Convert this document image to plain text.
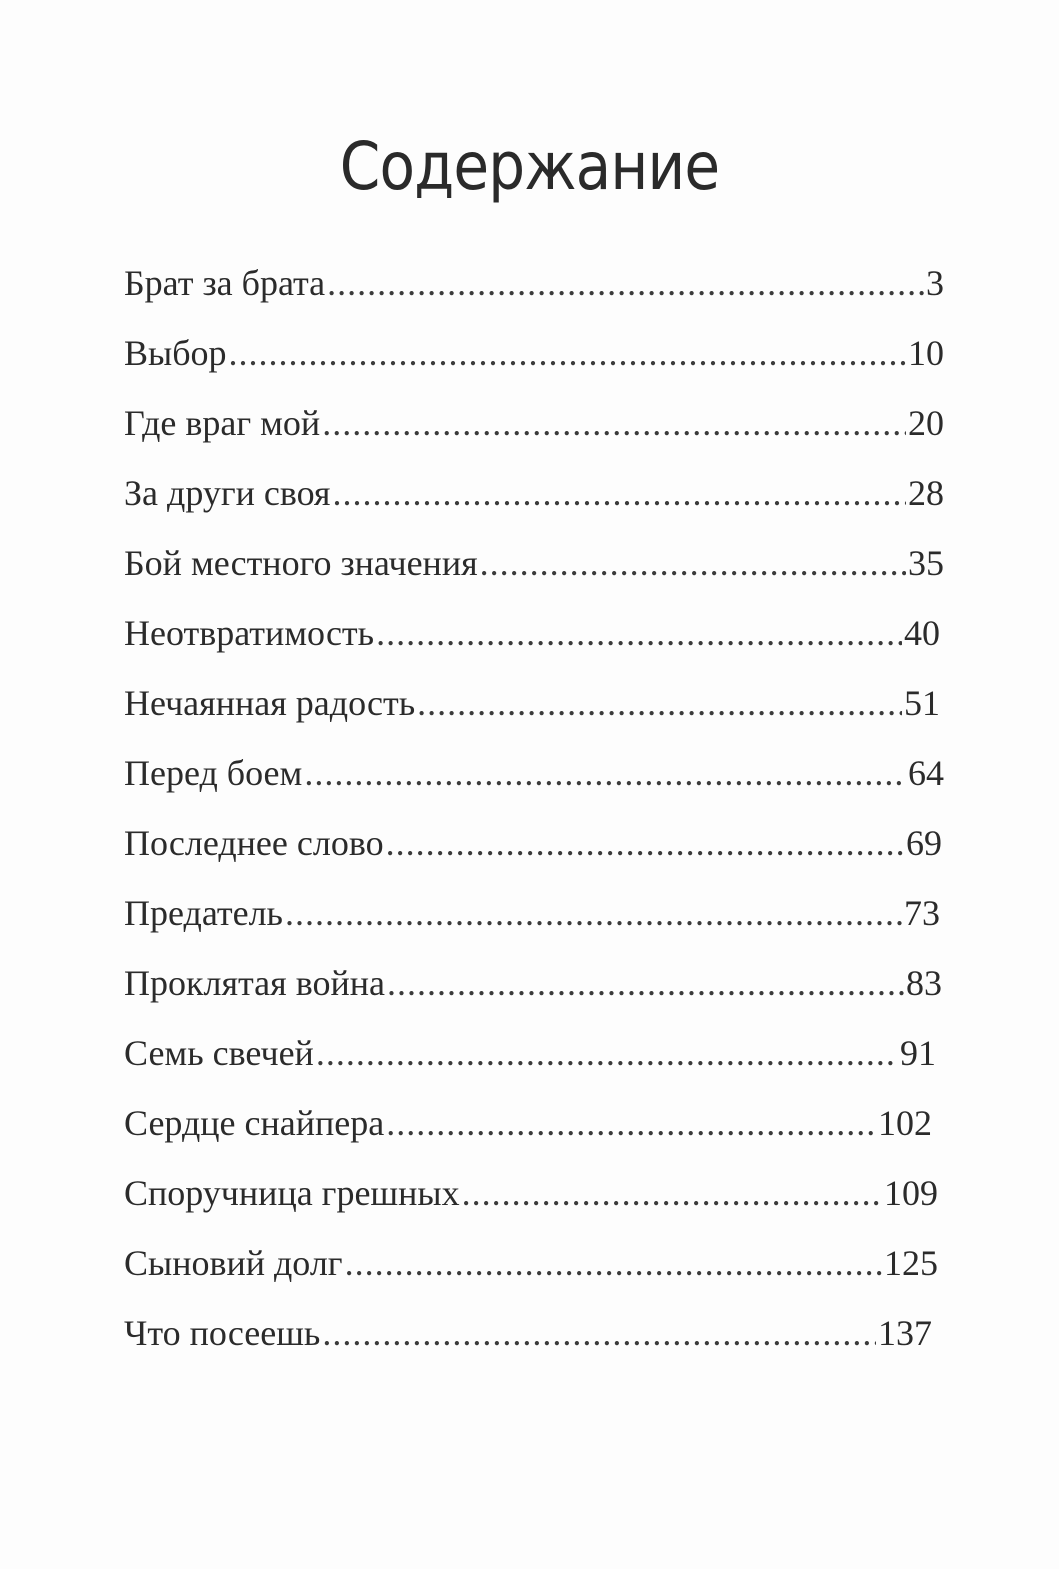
Содержание
Брат за брата .....	3
Выбор .....	10
Где враг мой .....	20
За други своя .....	28
Бой местного значения .....	35
Неотвратимость .....	40
Нечаянная радость .....	51
Перед боем .....	64
Последнее слово .....	69
Предатель .....	73
Проклятая война .....	83
Семь свечей .....	91
Сердце снайпера .....	102
Споручница грешных .....	109
Сыновий долг .....	125
Что посеешь .....	137
